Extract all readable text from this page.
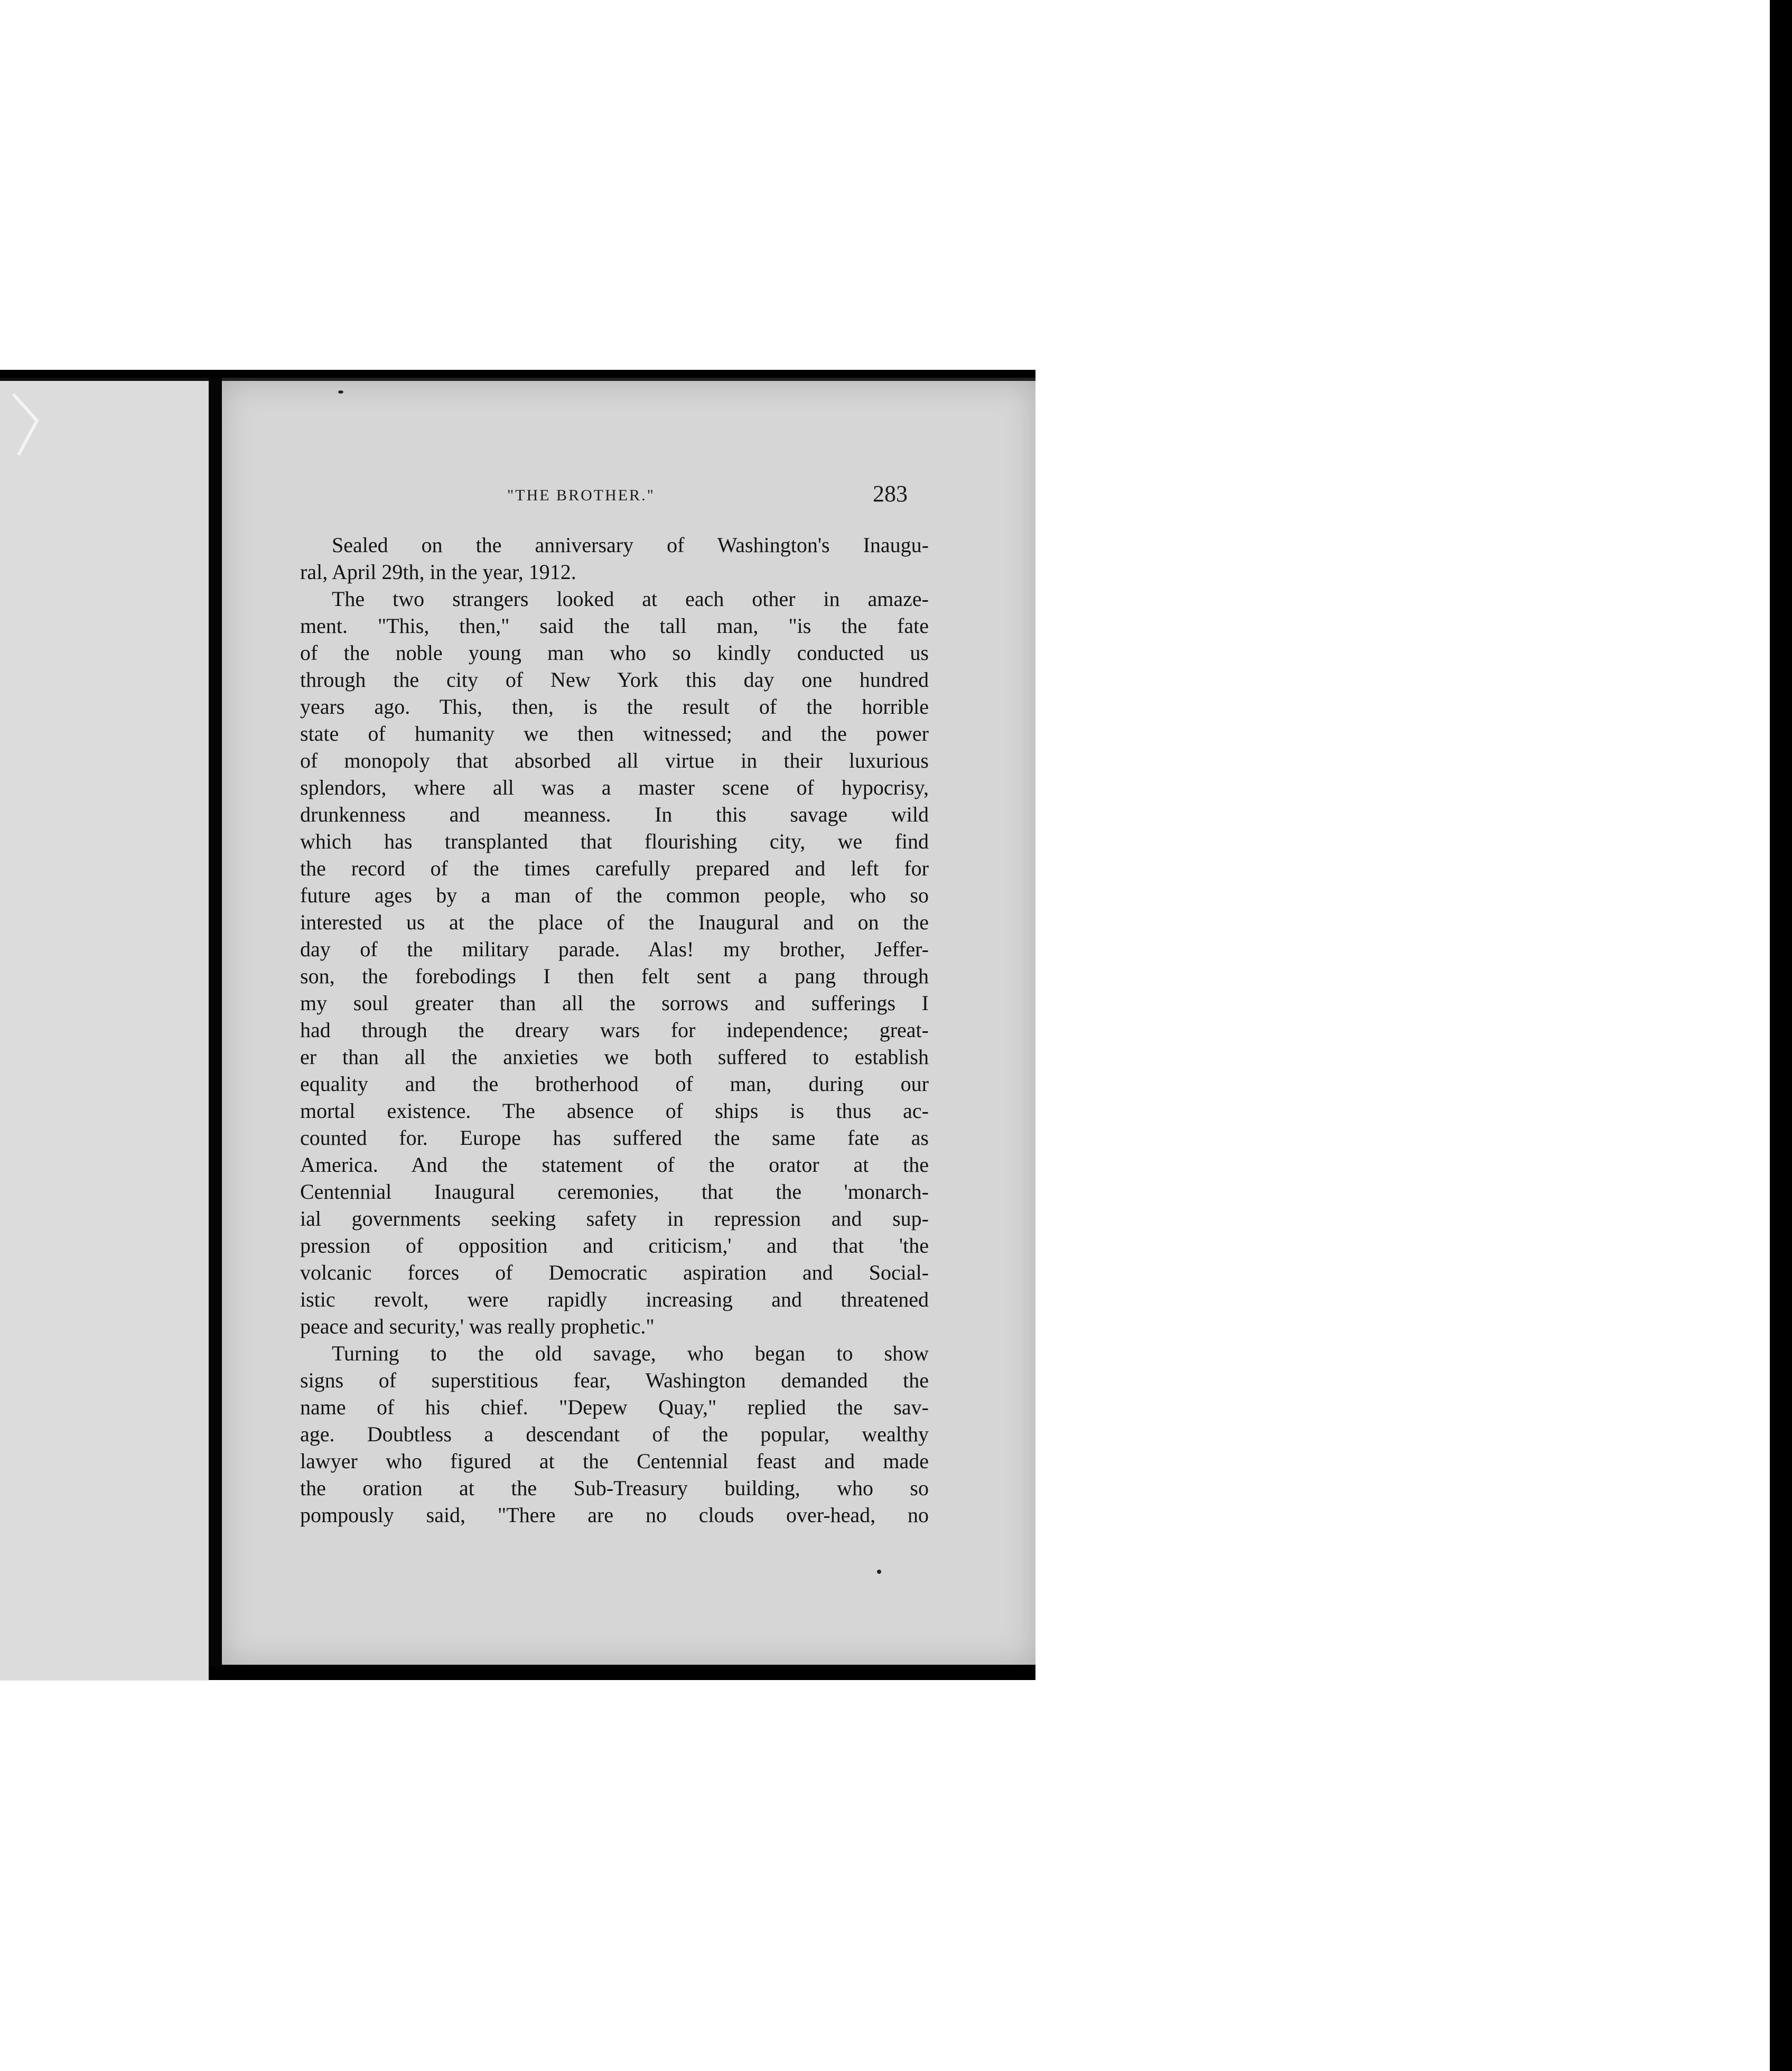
"THE BROTHER."	283
Sealed on the anniversary of Washington's Inaugu-
ral, April 29th, in the year, 1912.
The two strangers looked at each other in amaze-
ment. "This, then," said the tall man, "is the fate
of the noble young man who so kindly conducted us
through the city of New York this day one hundred
years ago. This, then, is the result of the horrible
state of humanity we then witnessed; and the power
of monopoly that absorbed all virtue in their luxurious
splendors, where all was a master scene of hypocrisy,
drunkenness and meanness. In this savage wild
which has transplanted that flourishing city, we find
the record of the times carefully prepared and left for
future ages by a man of the common people, who so
interested us at the place of the Inaugural and on the
day of the military parade. Alas! my brother, Jeffer-
son, the forebodings I then felt sent a pang through
my soul greater than all the sorrows and sufferings I
had through the dreary wars for independence; great-
er than all the anxieties we both suffered to establish
equality and the brotherhood of man, during our
mortal existence. The absence of ships is thus ac-
counted for. Europe has suffered the same fate as
America. And the statement of the orator at the
Centennial Inaugural ceremonies, that the 'monarch-
ial governments seeking safety in repression and sup-
pression of opposition and criticism,' and that 'the
volcanic forces of Democratic aspiration and Social-
istic revolt, were rapidly increasing and threatened
peace and security,' was really prophetic."
Turning to the old savage, who began to show
signs of superstitious fear, Washington demanded the
name of his chief. "Depew Quay," replied the sav-
age. Doubtless a descendant of the popular, wealthy
lawyer who figured at the Centennial feast and made
the oration at the Sub-Treasury building, who so
pompously said, "There are no clouds over-head, no
